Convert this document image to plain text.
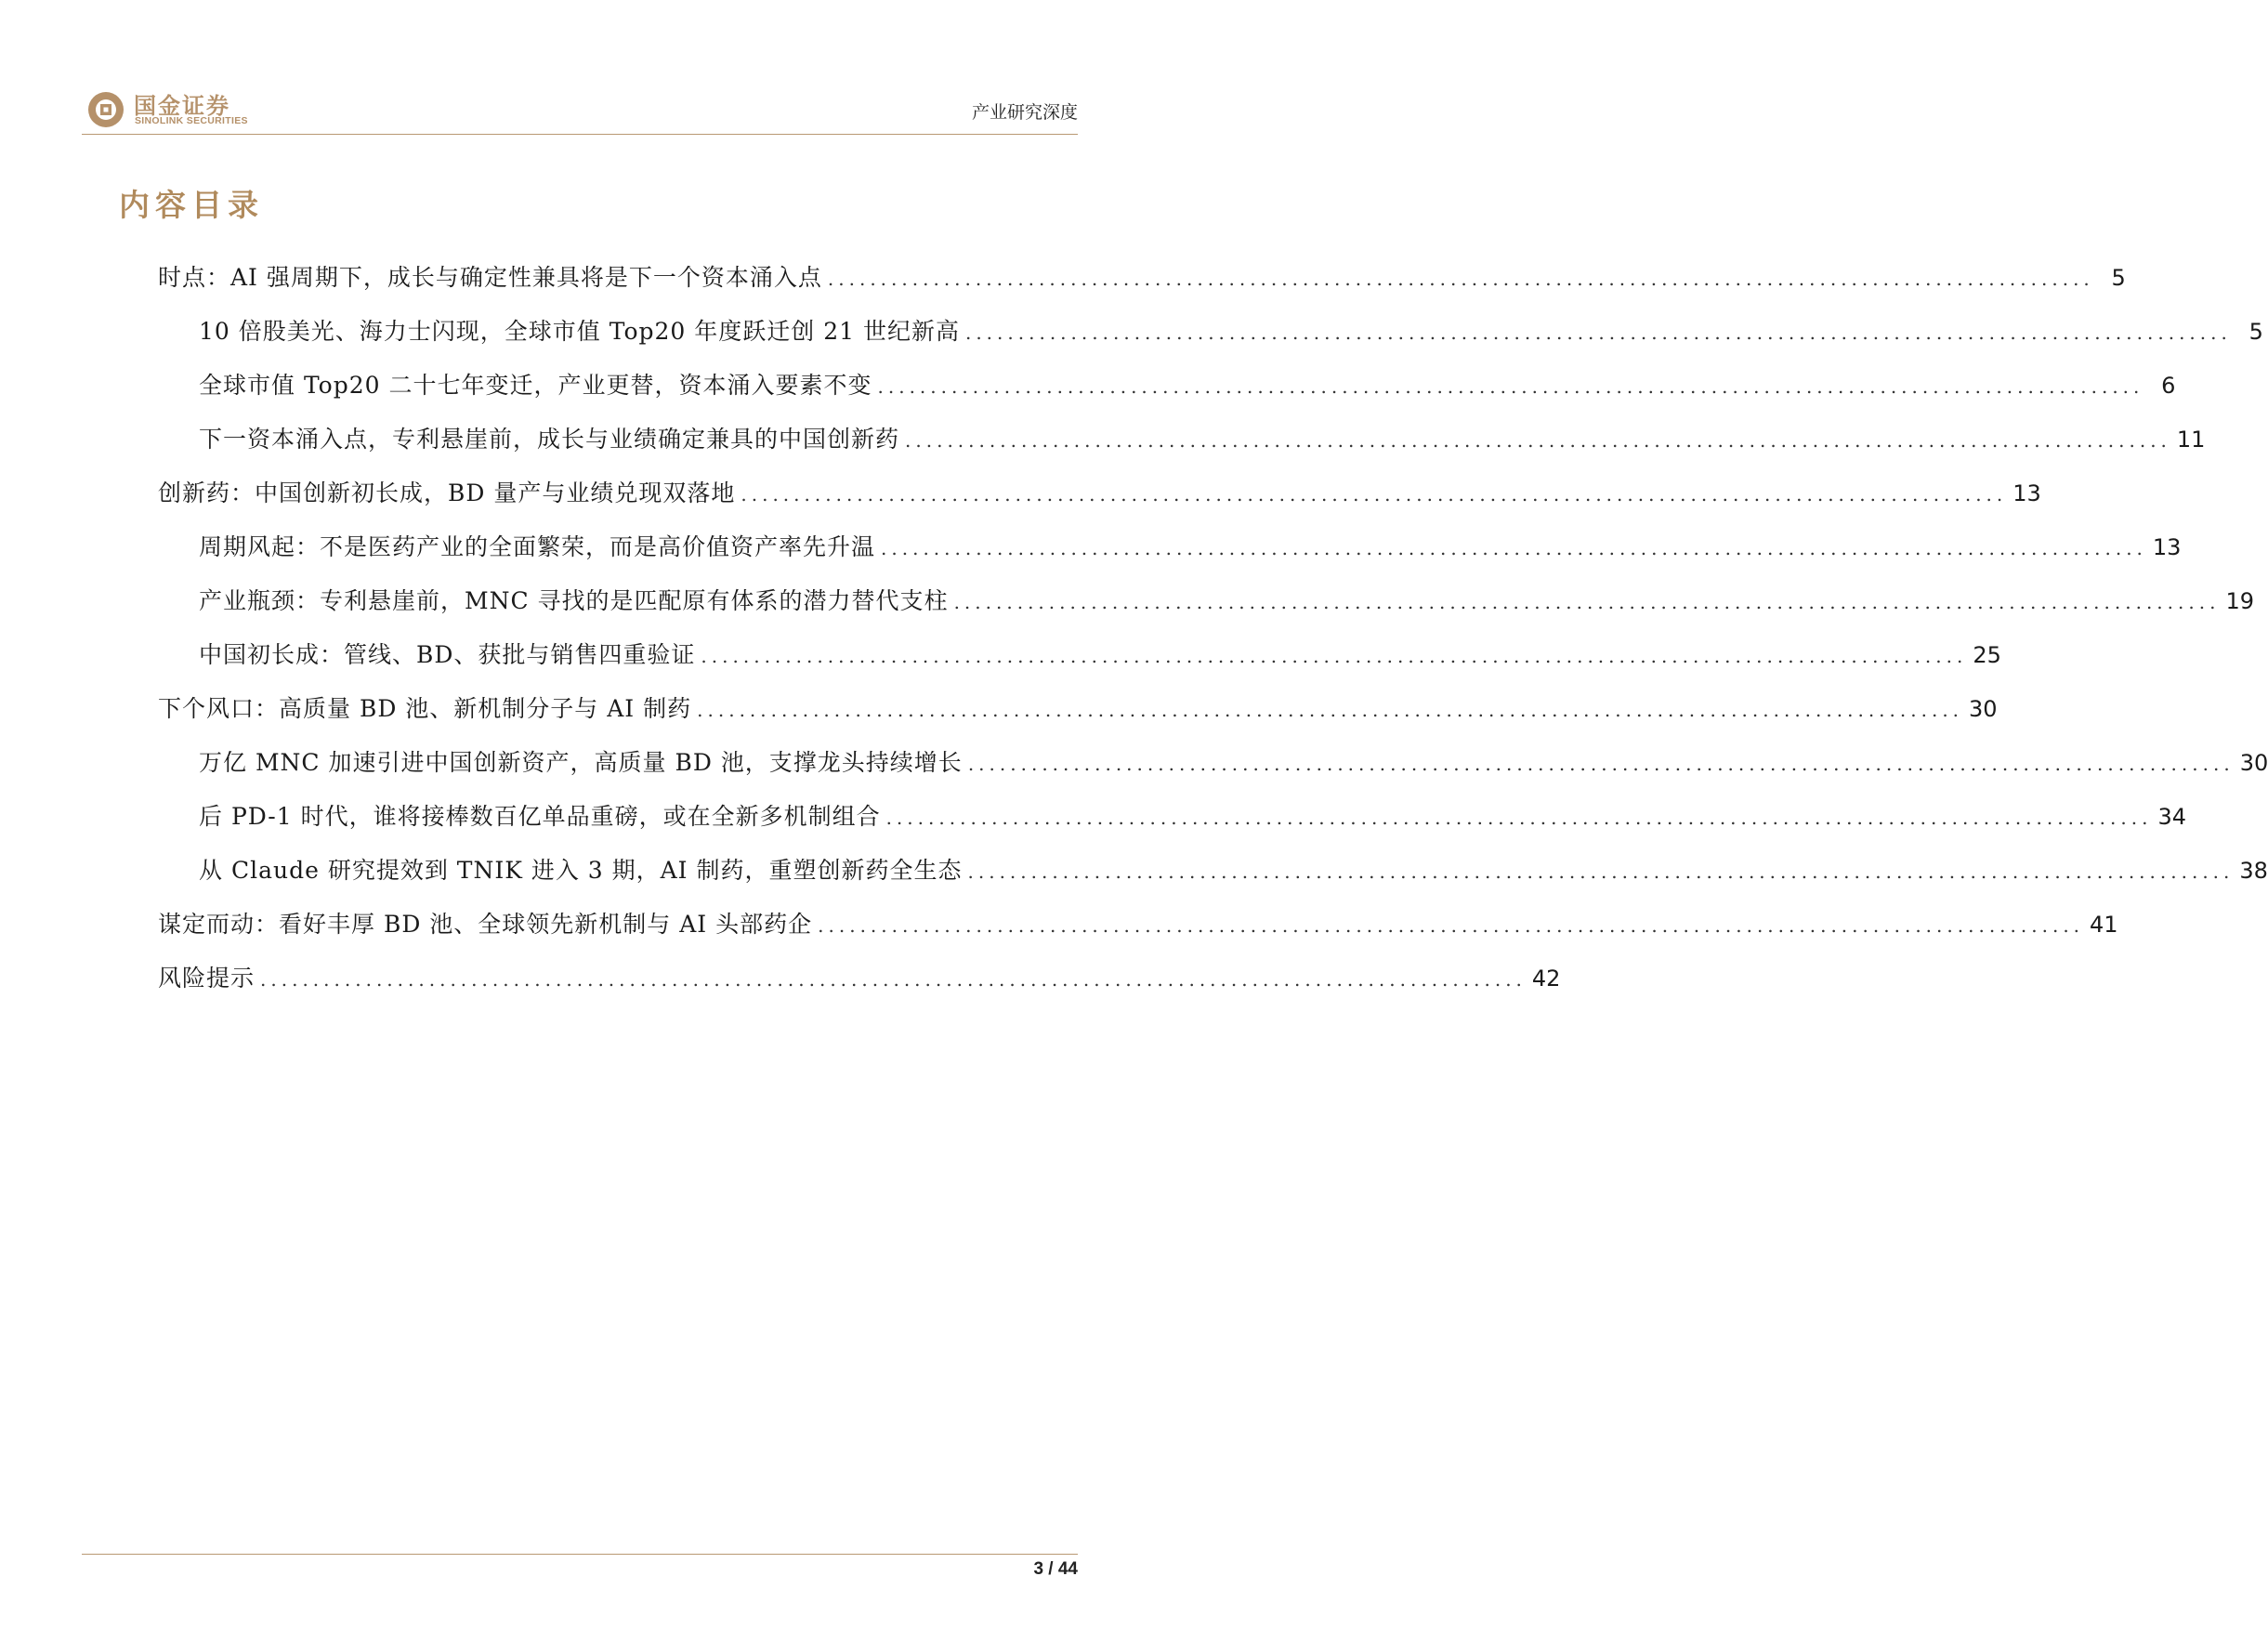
国金证券
SINOLINK SECURITIES	产业研究深度
内容目录
时点：AI 强周期下，成长与确定性兼具将是下一个资本涌入点 ........................................................................................................................ 5
10 倍股美光、海力士闪现，全球市值 Top20 年度跃迁创 21 世纪新高 ........................................................................................................................ 5
全球市值 Top20 二十七年变迁，产业更替，资本涌入要素不变 ........................................................................................................................ 6
下一资本涌入点，专利悬崖前，成长与业绩确定兼具的中国创新药 ........................................................................................................................ 11
创新药：中国创新初长成，BD 量产与业绩兑现双落地 ........................................................................................................................ 13
周期风起：不是医药产业的全面繁荣，而是高价值资产率先升温 ........................................................................................................................ 13
产业瓶颈：专利悬崖前，MNC 寻找的是匹配原有体系的潜力替代支柱 ........................................................................................................................ 19
中国初长成：管线、BD、获批与销售四重验证 ........................................................................................................................ 25
下个风口：高质量 BD 池、新机制分子与 AI 制药 ........................................................................................................................ 30
万亿 MNC 加速引进中国创新资产，高质量 BD 池，支撑龙头持续增长 ........................................................................................................................ 30
后 PD-1 时代，谁将接棒数百亿单品重磅，或在全新多机制组合 ........................................................................................................................ 34
从 Claude 研究提效到 TNIK 进入 3 期，AI 制药，重塑创新药全生态 ........................................................................................................................ 38
谋定而动：看好丰厚 BD 池、全球领先新机制与 AI 头部药企 ........................................................................................................................ 41
风险提示 ........................................................................................................................ 42
3 / 44
